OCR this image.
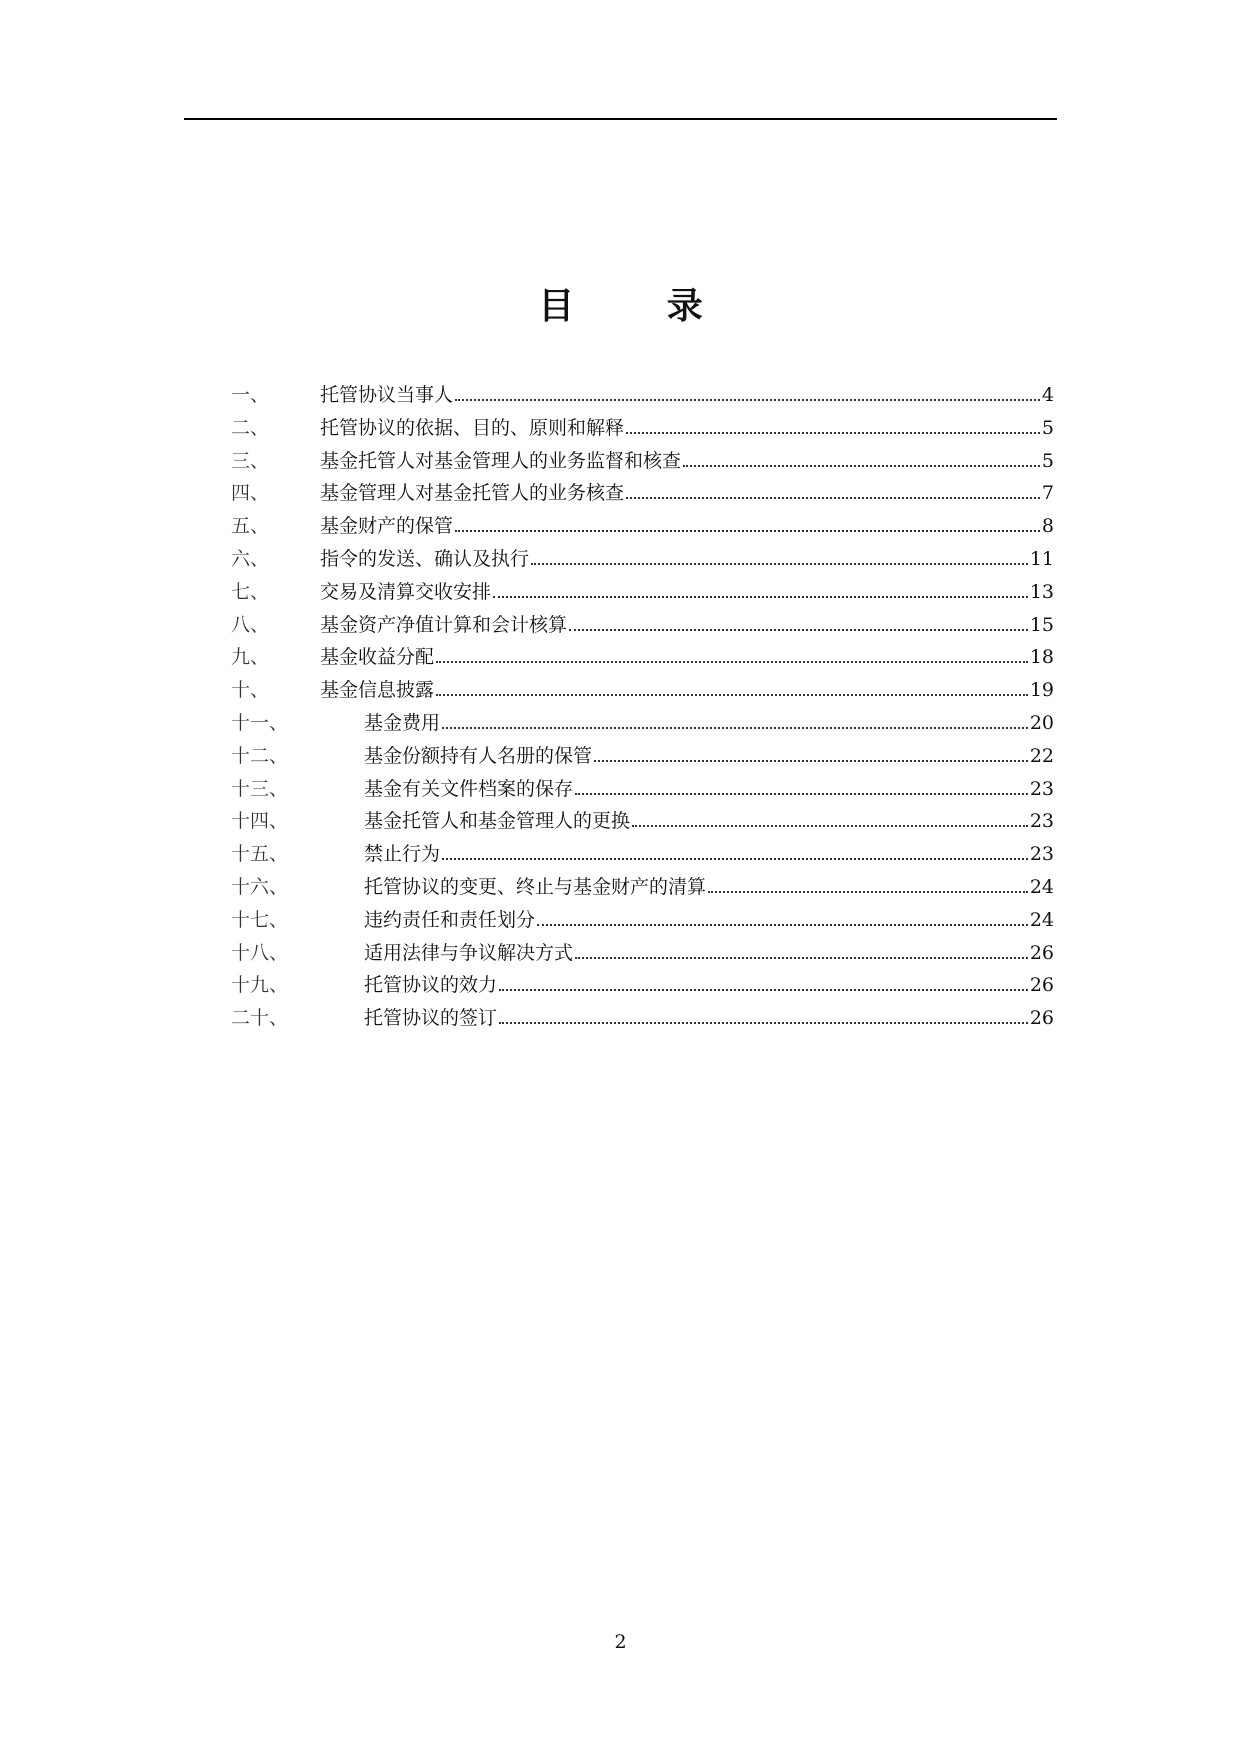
目 录
一、	托管协议当事人	4
二、	托管协议的依据、目的、原则和解释	5
三、	基金托管人对基金管理人的业务监督和核查	5
四、	基金管理人对基金托管人的业务核查	7
五、	基金财产的保管	8
六、	指令的发送、确认及执行	11
七、	交易及清算交收安排	13
八、	基金资产净值计算和会计核算	15
九、	基金收益分配	18
十、	基金信息披露	19
十一、	基金费用	20
十二、	基金份额持有人名册的保管	22
十三、	基金有关文件档案的保存	23
十四、	基金托管人和基金管理人的更换	23
十五、	禁止行为	23
十六、	托管协议的变更、终止与基金财产的清算	24
十七、	违约责任和责任划分	24
十八、	适用法律与争议解决方式	26
十九、	托管协议的效力	26
二十、	托管协议的签订	26
2
